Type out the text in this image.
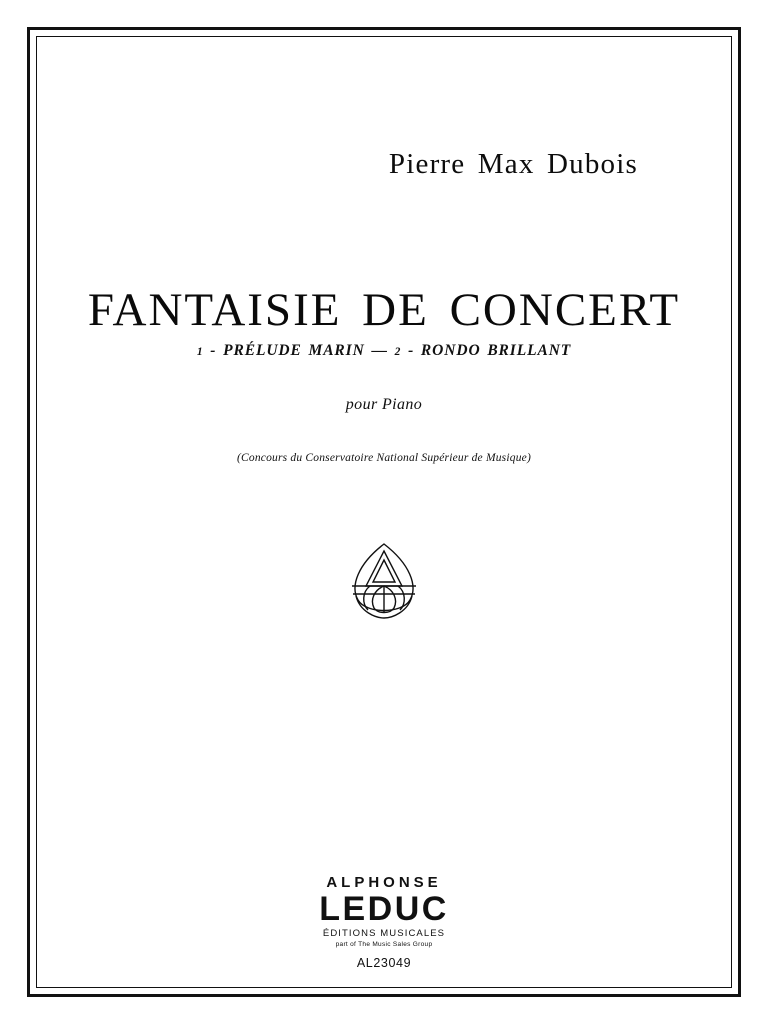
Pierre Max Dubois
FANTAISIE DE CONCERT
1 - PRÉLUDE MARIN — 2 - RONDO BRILLANT
pour Piano
(Concours du Conservatoire National Supérieur de Musique)
ALPHONSE
LEDUC
ÉDITIONS MUSICALES
part of The Music Sales Group
AL23049
